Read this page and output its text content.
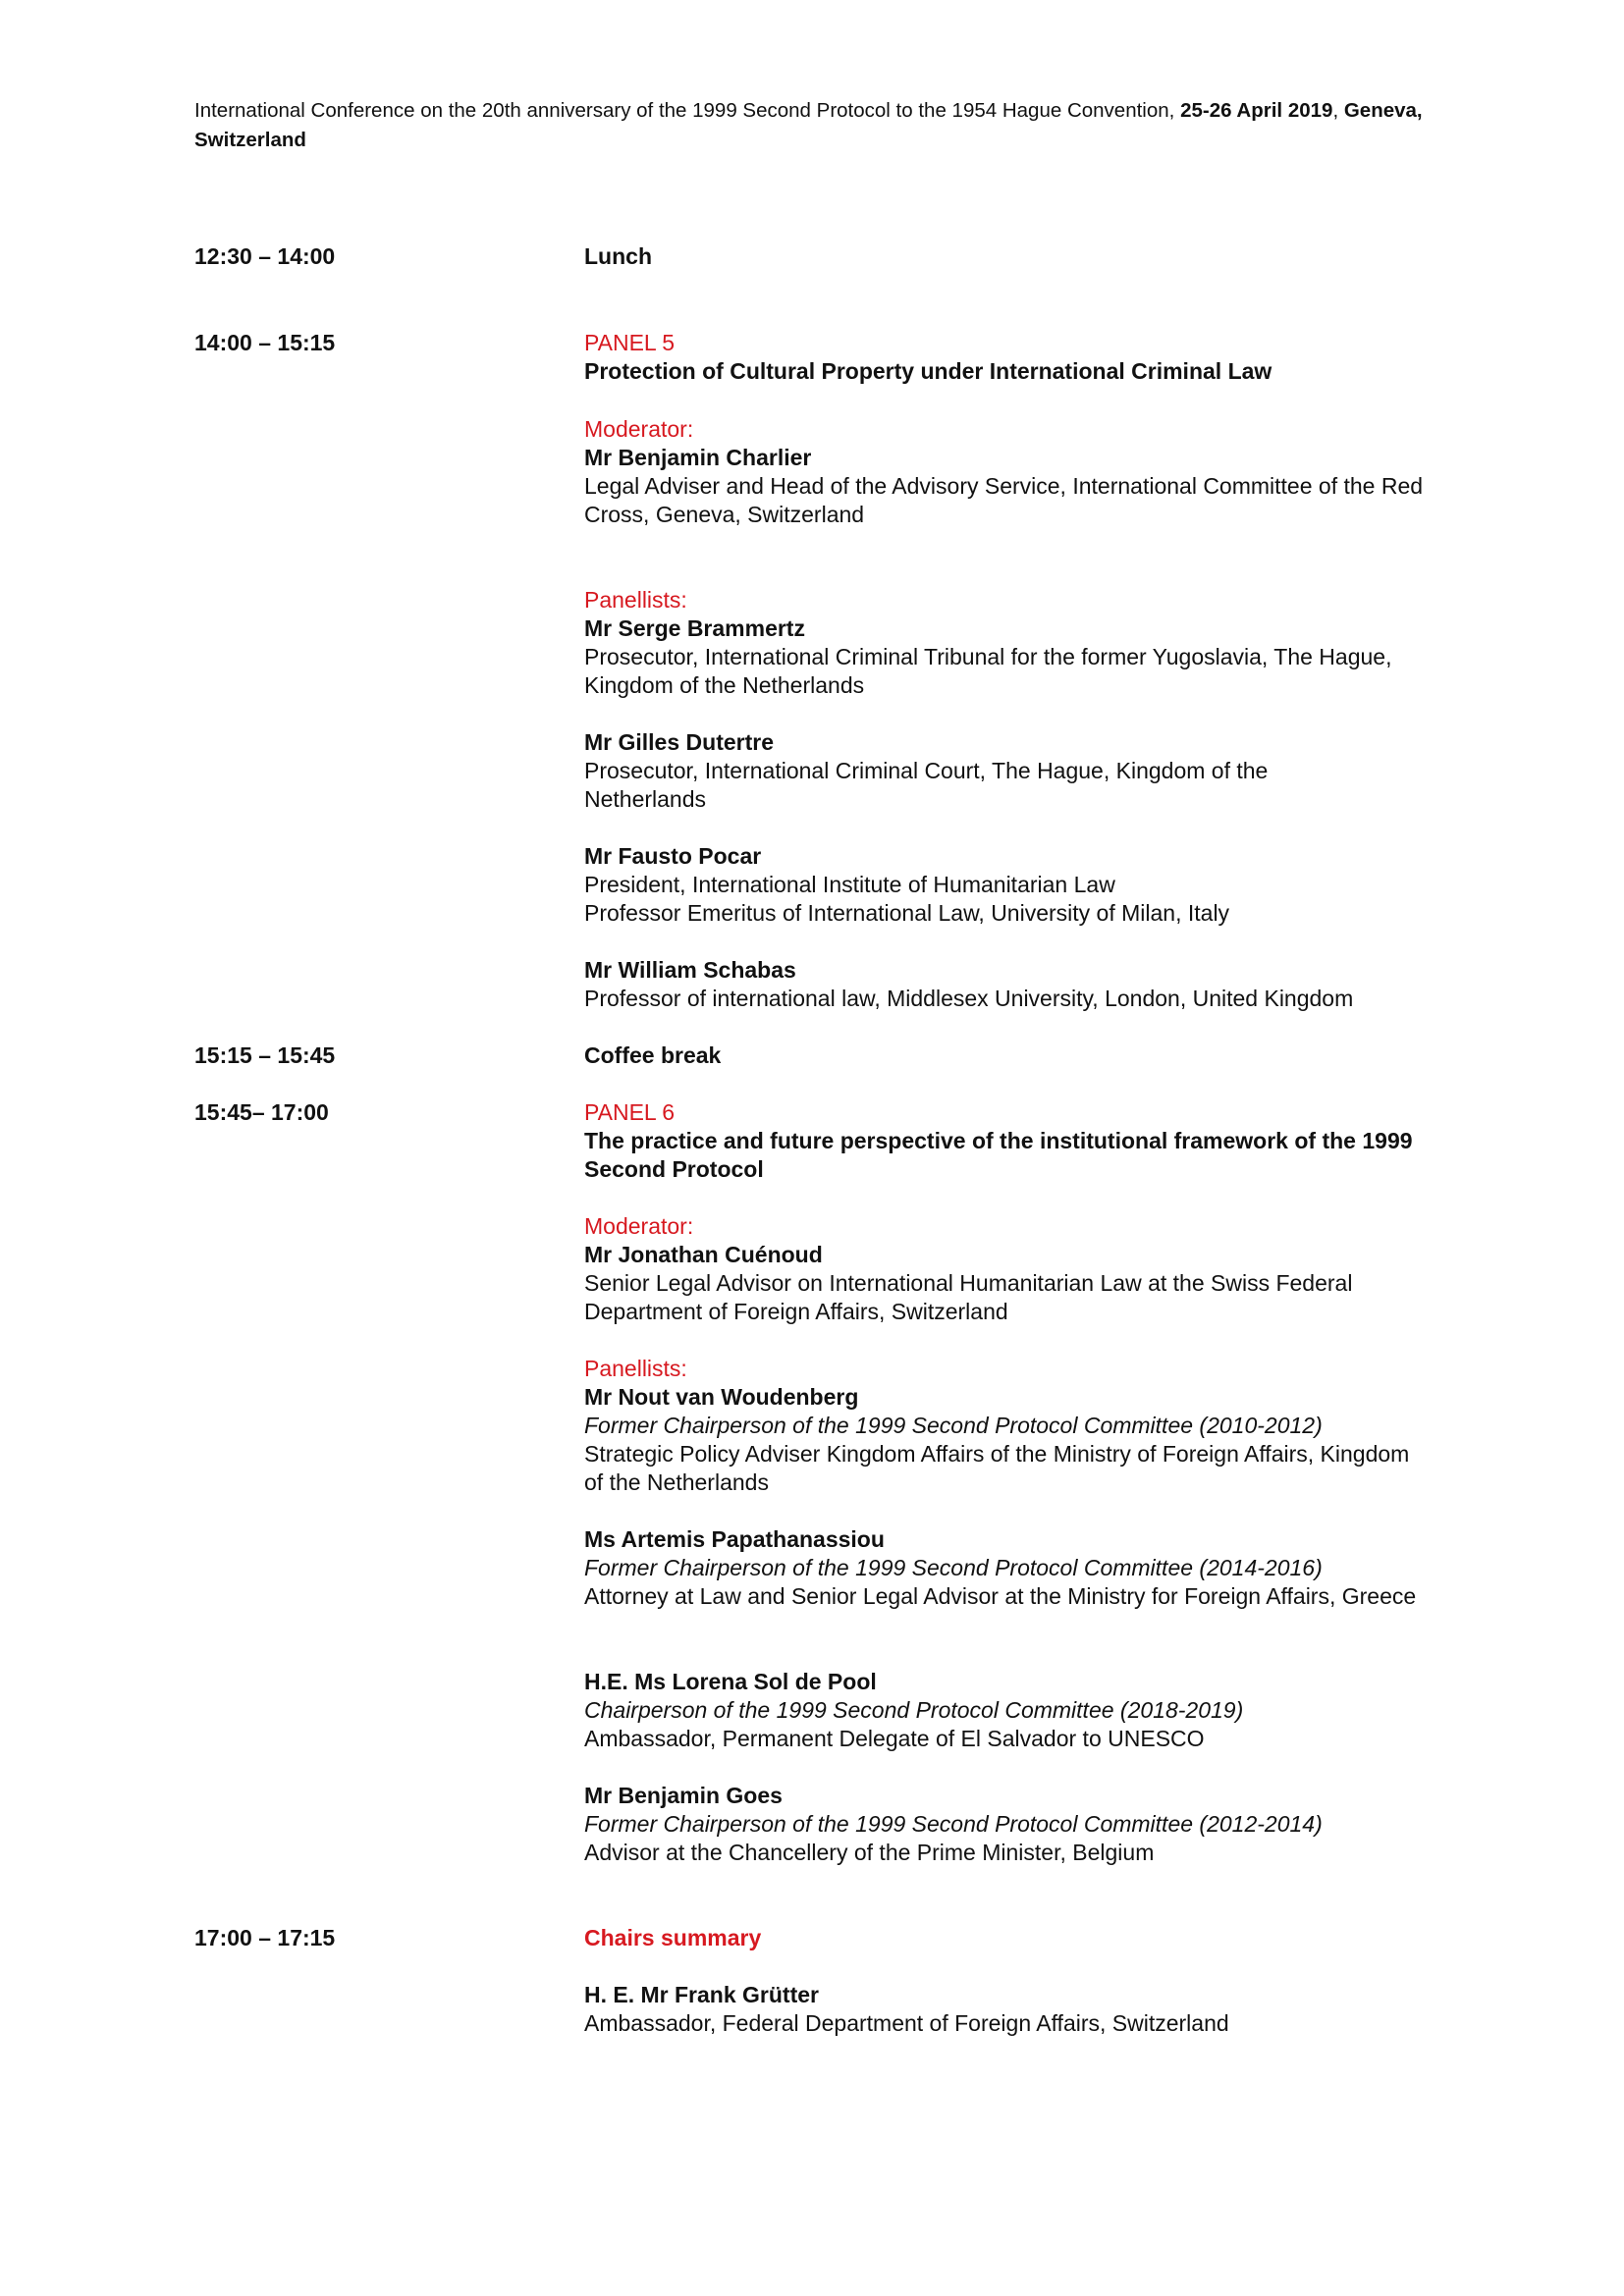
International Conference on the 20th anniversary of the 1999 Second Protocol to the 1954 Hague Convention, 25-26 April 2019, Geneva, Switzerland
12:30 – 14:00	Lunch
14:00 – 15:15	PANEL 5
Protection of Cultural Property under International Criminal Law
Moderator:
Mr Benjamin Charlier
Legal Adviser and Head of the Advisory Service, International Committee of the Red Cross, Geneva, Switzerland
Panellists:
Mr Serge Brammertz
Prosecutor, International Criminal Tribunal for the former Yugoslavia, The Hague, Kingdom of the Netherlands
Mr Gilles Dutertre
Prosecutor, International Criminal Court, The Hague, Kingdom of the Netherlands
Mr Fausto Pocar
President, International Institute of Humanitarian Law
Professor Emeritus of International Law, University of Milan, Italy
Mr William Schabas
Professor of international law, Middlesex University, London, United Kingdom
15:15 – 15:45	Coffee break
15:45– 17:00	PANEL 6
The practice and future perspective of the institutional framework of the 1999 Second Protocol
Moderator:
Mr Jonathan Cuénoud
Senior Legal Advisor on International Humanitarian Law at the Swiss Federal Department of Foreign Affairs, Switzerland
Panellists:
Mr Nout van Woudenberg
Former Chairperson of the 1999 Second Protocol Committee (2010-2012)
Strategic Policy Adviser Kingdom Affairs of the Ministry of Foreign Affairs, Kingdom of the Netherlands
Ms Artemis Papathanassiou
Former Chairperson of the 1999 Second Protocol Committee (2014-2016)
Attorney at Law and Senior Legal Advisor at the Ministry for Foreign Affairs, Greece
H.E. Ms Lorena Sol de Pool
Chairperson of the 1999 Second Protocol Committee (2018-2019)
Ambassador, Permanent Delegate of El Salvador to UNESCO
Mr Benjamin Goes
Former Chairperson of the 1999 Second Protocol Committee (2012-2014)
Advisor at the Chancellery of the Prime Minister, Belgium
17:00 – 17:15	Chairs summary
H. E. Mr Frank Grütter
Ambassador, Federal Department of Foreign Affairs, Switzerland
